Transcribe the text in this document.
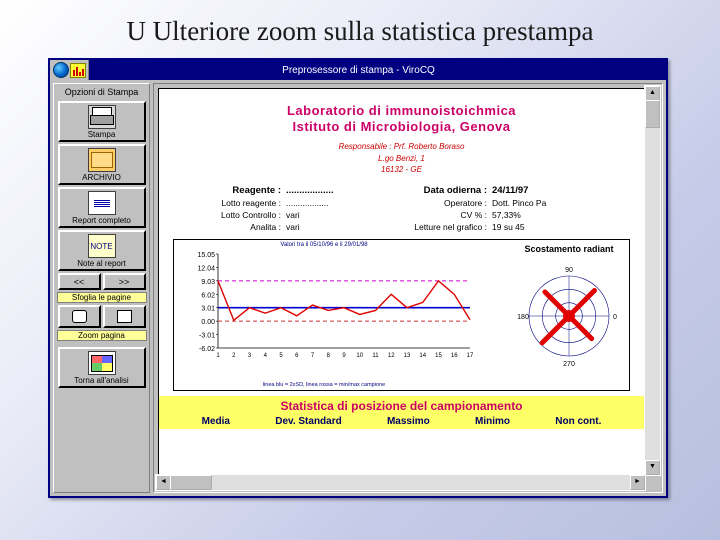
U Ulteriore zoom sulla statistica prestampa
Preprosessore di stampa - ViroCQ
Opzioni di Stampa
Stampa
ARCHIVIO
Report completo
NOTE
Note al report
<<	>>
Sfoglia le pagine
Zoom pagina
Torna all'analisi
Laboratorio di immunoistoichmica
Istituto di Microbiologia, Genova
Responsabile : Prf. Roberto Boraso
L.go Benzi, 1
16132 - GE
Reagente : ..................
Lotto reagente : ..................
Lotto Controllo : vari
Analita : vari
Data odierna : 24/11/97
Operatore : Dott. Pinco Pa
CV % : 57,33%
Letture nel grafico : 19 su 45
Valori tra il 05/10/96 e il 29/01/98
15.05
12.04
9.03
6.02
3.01
0.00
-3.01
-6.02
1 2 3 4 5 6 7 8 9 10 11 12 13 14 15 16 17
linea blu = 2xSD, linea rossa = min/max campione
Scostamento radiant
90
180	0
270
Statistica di posizione del campionamento
Media	Dev. Standard	Massimo	Minimo	Non cont.
▲
▼
◄	►
